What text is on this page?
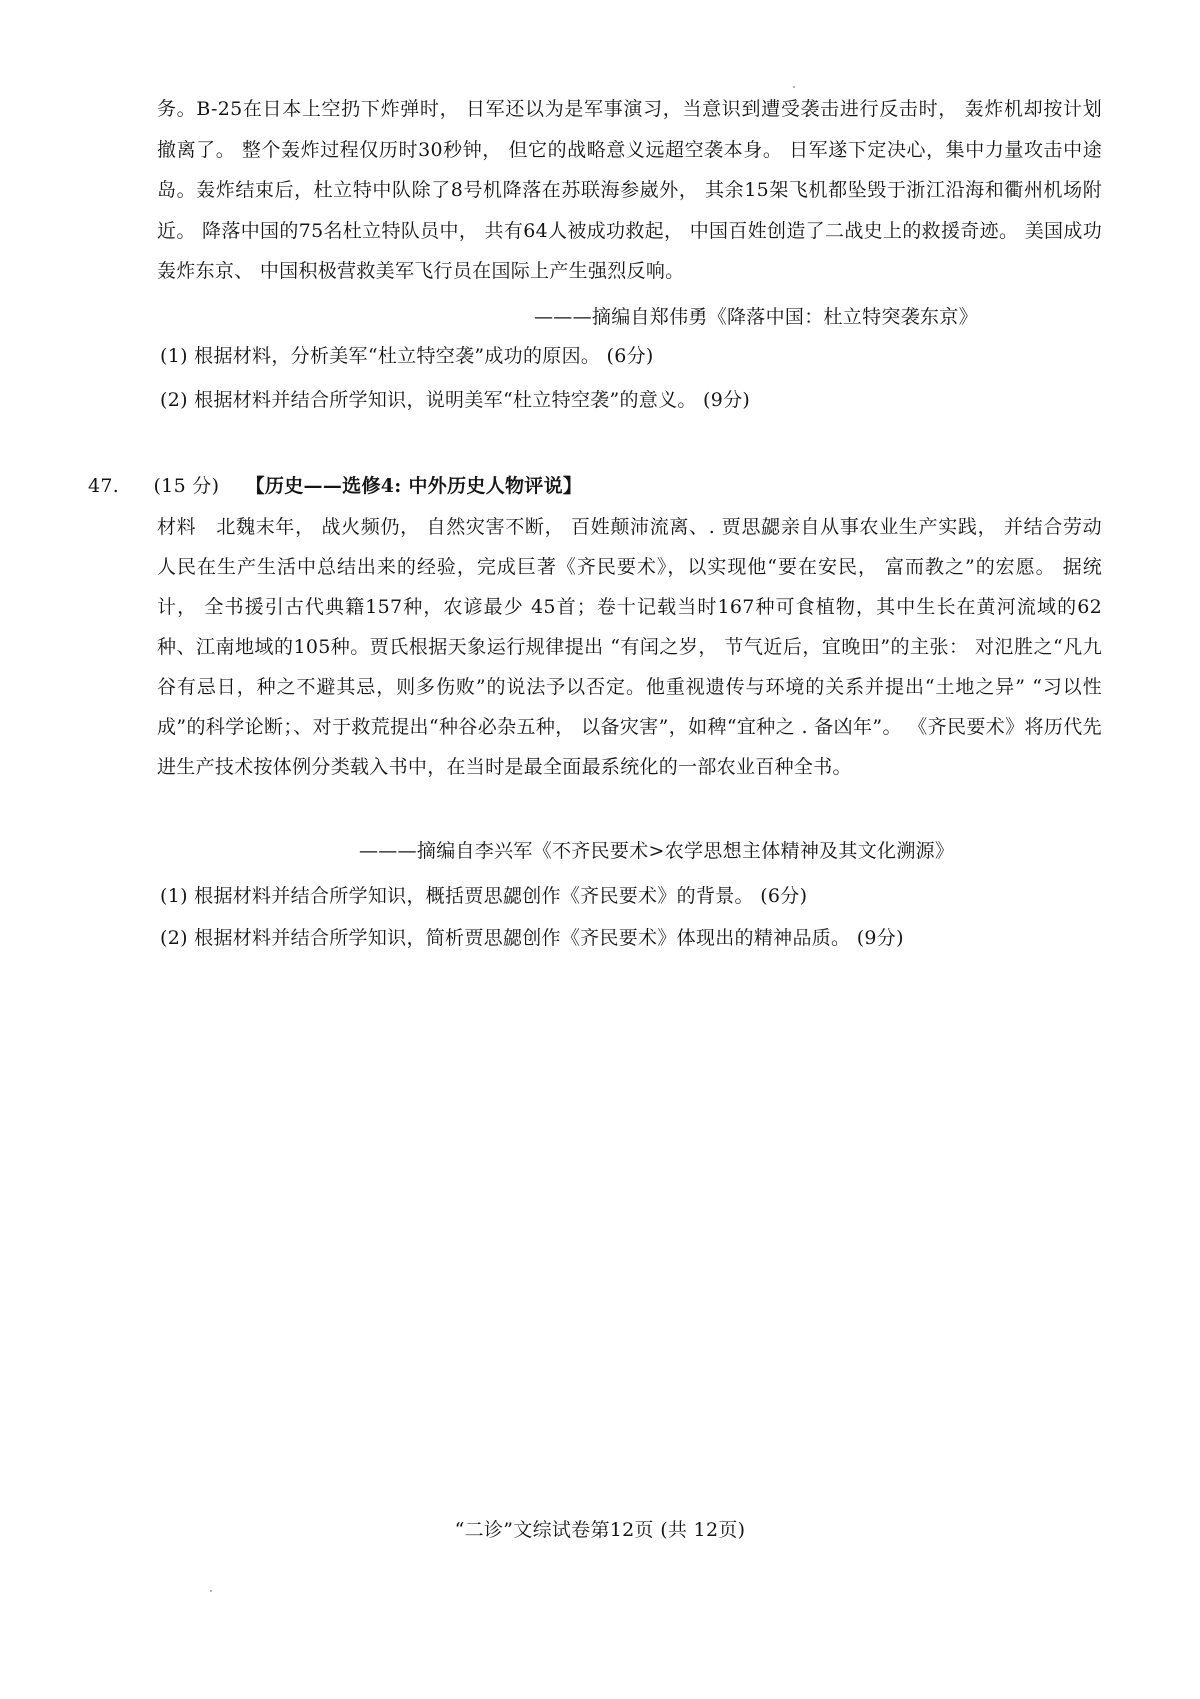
务。B-25在日本上空扔下炸弹时， 日军还以为是军事演习，当意识到遭受袭击进行反击时， 轰炸机却按计划撤离了。 整个轰炸过程仅历时30秒钟， 但它的战略意义远超空袭本身。 日军遂下定决心，集中力量攻击中途岛。轰炸结束后，杜立特中队除了8号机降落在苏联海参崴外， 其余15架飞机都坠毁于浙江沿海和衢州机场附近。 降落中国的75名杜立特队员中， 共有64人被成功救起， 中国百姓创造了二战史上的救援奇迹。 美国成功轰炸东京、 中国积极营救美军飞行员在国际上产生强烈反响。
———摘编自郑伟勇《降落中国：杜立特突袭东京》
(1) 根据材料，分析美军“杜立特空袭”成功的原因。 (6分)
(2) 根据材料并结合所学知识，说明美军“杜立特空袭”的意义。 (9分)
47. (15 分) 【历史——选修4: 中外历史人物评说】
材料 北魏末年， 战火频仍， 自然灾害不断， 百姓颠沛流离、. 贾思勰亲自从事农业生产实践， 并结合劳动人民在生产生活中总结出来的经验，完成巨著《齐民要术》，以实现他“要在安民， 富而教之”的宏愿。 据统计， 全书援引古代典籍157种，农谚最少 45首；卷十记载当时167种可食植物，其中生长在黄河流域的62种、江南地域的105种。贾氏根据天象运行规律提出 “有闰之岁， 节气近后，宜晚田”的主张： 对氾胜之“凡九谷有忌日，种之不避其忌，则多伤败”的说法予以否定。他重视遗传与环境的关系并提出“土地之异” “习以性成”的科学论断；、对于救荒提出“种谷必杂五种， 以备灾害”，如稗“宜种之 . 备凶年”。 《齐民要术》将历代先进生产技术按体例分类载入书中，在当时是最全面最系统化的一部农业百种全书。
———摘编自李兴军《不齐民要术>农学思想主体精神及其文化溯源》
(1) 根据材料并结合所学知识，概括贾思勰创作《齐民要术》的背景。 (6分)
(2) 根据材料并结合所学知识，简析贾思勰创作《齐民要术》体现出的精神品质。 (9分)
“二诊”文综试卷第12页 (共 12页)
